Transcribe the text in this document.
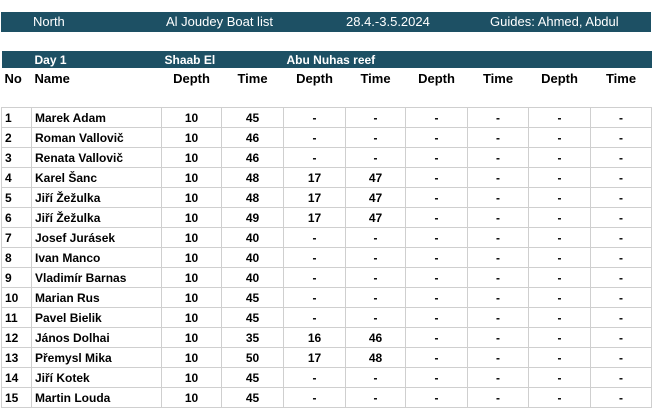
North	Al Joudey Boat list	28.4.-3.5.2024	Guides: Ahmed, Abdul
	Day 1	Shaab El		Abu Nuhas reef					
No	Name	Depth	Time	Depth	Time	Depth	Time	Depth	Time

1	Marek Adam	10	45	-	-	-	-	-	-
2	Roman Vallovič	10	46	-	-	-	-	-	-
3	Renata Vallovič	10	46	-	-	-	-	-	-
4	Karel Šanc	10	48	17	47	-	-	-	-
5	Jiří Žežulka	10	48	17	47	-	-	-	-
6	Jiří Žežulka	10	49	17	47	-	-	-	-
7	Josef Jurásek	10	40	-	-	-	-	-	-
8	Ivan Manco	10	40	-	-	-	-	-	-
9	Vladimír Barnas	10	40	-	-	-	-	-	-
10	Marian Rus	10	45	-	-	-	-	-	-
11	Pavel Bielik	10	45	-	-	-	-	-	-
12	János Dolhai	10	35	16	46	-	-	-	-
13	Přemysl Mika	10	50	17	48	-	-	-	-
14	Jiří Kotek	10	45	-	-	-	-	-	-
15	Martin Louda	10	45	-	-	-	-	-	-
